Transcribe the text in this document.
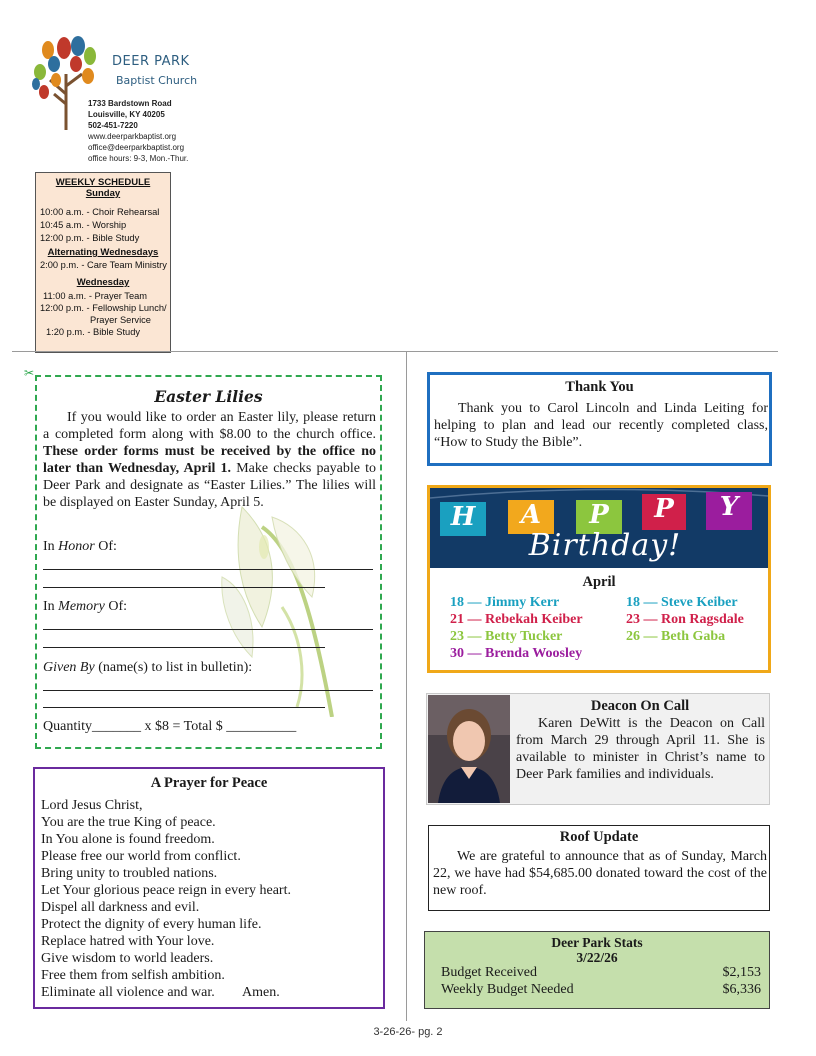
DEER PARK
Baptist Church
1733 Bardstown Road
Louisville, KY 40205
502-451-7220
www.deerparkbaptist.org
office@deerparkbaptist.org
office hours: 9-3, Mon.-Thur.
WEEKLY SCHEDULE
Sunday
10:00 a.m. - Choir Rehearsal
10:45 a.m. - Worship
12:00 p.m. - Bible Study
Alternating Wednesdays
2:00 p.m. - Care Team Ministry
Wednesday
11:00 a.m. - Prayer Team
12:00 p.m. - Fellowship Lunch/
Prayer Service
1:20 p.m. - Bible Study
✂
Easter Lilies
If you would like to order an Easter lily, please return a completed form along with $8.00 to the church office. These order forms must be received by the office no later than Wednesday, April 1. Make checks payable to Deer Park and designate as “Easter Lilies.” The lilies will be displayed on Easter Sunday, April 5.
In Honor Of:
In Memory Of:
Given By (name(s) to list in bulletin):
Quantity_______ x $8 = Total $ __________
A Prayer for Peace
Lord Jesus Christ,
You are the true King of peace.
In You alone is found freedom.
Please free our world from conflict.
Bring unity to troubled nations.
Let Your glorious peace reign in every heart.
Dispel all darkness and evil.
Protect the dignity of every human life.
Replace hatred with Your love.
Give wisdom to world leaders.
Free them from selfish ambition.
Eliminate all violence and war.        Amen.
Thank You
Thank you to Carol Lincoln and Linda Leiting for helping to plan and lead our recently completed class, “How to Study the Bible”.
H	A	P	P	Y
Birthday!
April
18 — Jimmy Kerr	18 — Steve Keiber
21 — Rebekah Keiber	23 — Ron Ragsdale
23 — Betty Tucker	26 — Beth Gaba
30 — Brenda Woosley
Deacon On Call
Karen DeWitt is the Deacon on Call from March 29 through April 11. She is available to minister in Christ’s name to Deer Park families and individuals.
Roof Update
We are grateful to announce that as of Sunday, March 22, we have had $54,685.00 donated toward the cost of the new roof.
Deer Park Stats
3/22/26
Budget Received	$2,153
Weekly Budget Needed	$6,336
3-26-26- pg. 2
